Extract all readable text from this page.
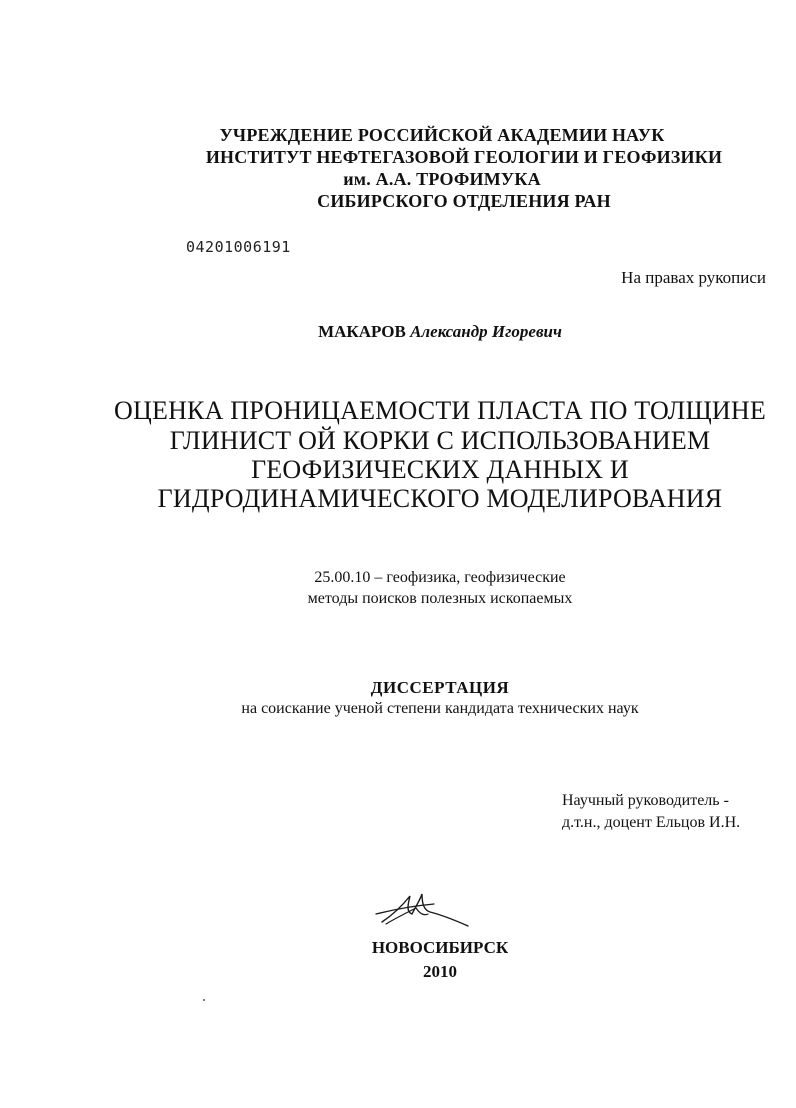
УЧРЕЖДЕНИЕ РОССИЙСКОЙ АКАДЕМИИ НАУК
ИНСТИТУТ НЕФТЕГАЗОВОЙ ГЕОЛОГИИ И ГЕОФИЗИКИ
им. А.А. ТРОФИМУКА
СИБИРСКОГО ОТДЕЛЕНИЯ РАН
04201006191
На правах рукописи
МАКАРОВ Александр Игоревич
ОЦЕНКА ПРОНИЦАЕМОСТИ ПЛАСТА ПО ТОЛЩИНЕ
ГЛИНИСТ ОЙ КОРКИ С ИСПОЛЬЗОВАНИЕМ
ГЕОФИЗИЧЕСКИХ ДАННЫХ И
ГИДРОДИНАМИЧЕСКОГО МОДЕЛИРОВАНИЯ
25.00.10 – геофизика, геофизические
методы поисков полезных ископаемых
ДИССЕРТАЦИЯ
на соискание ученой степени кандидата технических наук
Научный руководитель -
д.т.н., доцент Ельцов И.Н.
НОВОСИБИРСК
2010
